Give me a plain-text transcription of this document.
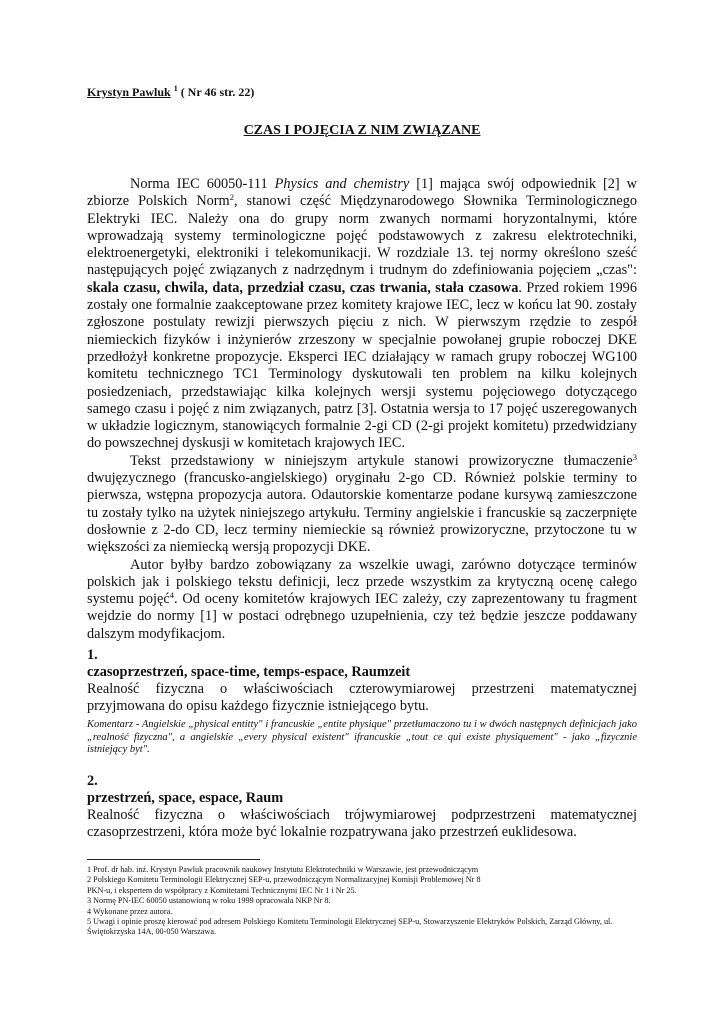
Krystyn Pawluk $^1$ ( Nr 46 str. 22)
CZAS I POJĘCIA Z NIM ZWIĄZANE

Norma IEC 60050-111 Physics and chemistry [1] mająca swój odpowiednik [2] w zbiorze Polskich Norm$^2$, stanowi część Międzynarodowego Słownika Terminologicznego Elektryki IEC. Należy ona do grupy norm zwanych normami horyzontalnymi, które wprowadzają systemy terminologiczne pojęć podstawowych z zakresu elektrotechniki, elektroenergetyki, elektroniki i telekomunikacji. W rozdziale 13. tej normy określono sześć następujących pojęć związanych z nadrzędnym i trudnym do zdefiniowania pojęciem „czas": skala czasu, chwila, data, przedział czasu, czas trwania, stała czasowa. Przed rokiem 1996 zostały one formalnie zaakceptowane przez komitety krajowe IEC, lecz w końcu lat 90. zostały zgłoszone postulaty rewizji pierwszych pięciu z nich. W pierwszym rzędzie to zespół niemieckich fizyków i inżynierów zrzeszony w specjalnie powołanej grupie roboczej DKE przedłożył konkretne propozycje. Eksperci IEC działający w ramach grupy roboczej WG100 komitetu technicznego TC1 Terminology dyskutowali ten problem na kilku kolejnych posiedzeniach, przedstawiając kilka kolejnych wersji systemu pojęciowego dotyczącego samego czasu i pojęć z nim związanych, patrz [3]. Ostatnia wersja to 17 pojęć uszeregowanych w układzie logicznym, stanowiących formalnie 2-gi CD (2-gi projekt komitetu) przedwidziany do powszechnej dyskusji w komitetach krajowych IEC.

Tekst przedstawiony w niniejszym artykule stanowi prowizoryczne tłumaczenie$^3$ dwujęzycznego (francusko-angielskiego) oryginału 2-go CD. Również polskie terminy to pierwsza, wstępna propozycja autora. Odautorskie komentarze podane kursywą zamieszczone tu zostały tylko na użytek niniejszego artykułu. Terminy angielskie i francuskie są zaczerpnięte dosłownie z 2-do CD, lecz terminy niemieckie są również prowizoryczne, przytoczone tu w większości za niemiecką wersją propozycji DKE.

Autor byłby bardzo zobowiązany za wszelkie uwagi, zarówno dotyczące terminów polskich jak i polskiego tekstu definicji, lecz przede wszystkim za krytyczną ocenę całego systemu pojęć$^4$. Od oceny komitetów krajowych IEC zależy, czy zaprezentowany tu fragment wejdzie do normy [1] w postaci odrębnego uzupełnienia, czy też będzie jeszcze poddawany dalszym modyfikacjom.

1.
czasoprzestrzeń, space-time, temps-espace, Raumzeit
Realność fizyczna o właściwościach czterowymiarowej przestrzeni matematycznej przyjmowana do opisu każdego fizycznie istniejącego bytu.
Komentarz - Angielskie „physical entitty" i francuskie „entite physique" przetłumaczono tu i w dwóch następnych definicjach jako „realność fizyczna", a angielskie „every physical existent" ifrancuskie „tout ce qui existe physiquement" - jako „fizycznie istniejący byt".
2.
przestrzeń, space, espace, Raum
Realność fizyczna o właściwościach trójwymiarowej podprzestrzeni matematycznej czasoprzestrzeni, która może być lokalnie rozpatrywana jako przestrzeń euklidesowa.
1 Prof. dr hab. inż. Krystyn Pawluk pracownik naukowy Instytutu Elektrotechniki w Warszawie, jest przewodniczącym
2 Polskiego Komitetu Terminologii Elektrycznej SEP-u, przewodniczącym Normalizacyjnej Komisji Problemowej Nr 8
PKN-u, i ekspertem do współpracy z Komitetami Technicznymi IEC Nr 1 i Nr 25.
3 Normę PN-IEC 60050 ustanowioną w roku 1999 opracowała NKP Nr 8.
4 Wykonane przez autora.
5 Uwagi i opinie proszę kierować pod adresem Polskiego Komitetu Terminologii Elektrycznej SEP-u, Stowarzyszenie Elektryków Polskich, Zarząd Główny, ul.
Świętokrzyska 14A, 00-050 Warszawa.
